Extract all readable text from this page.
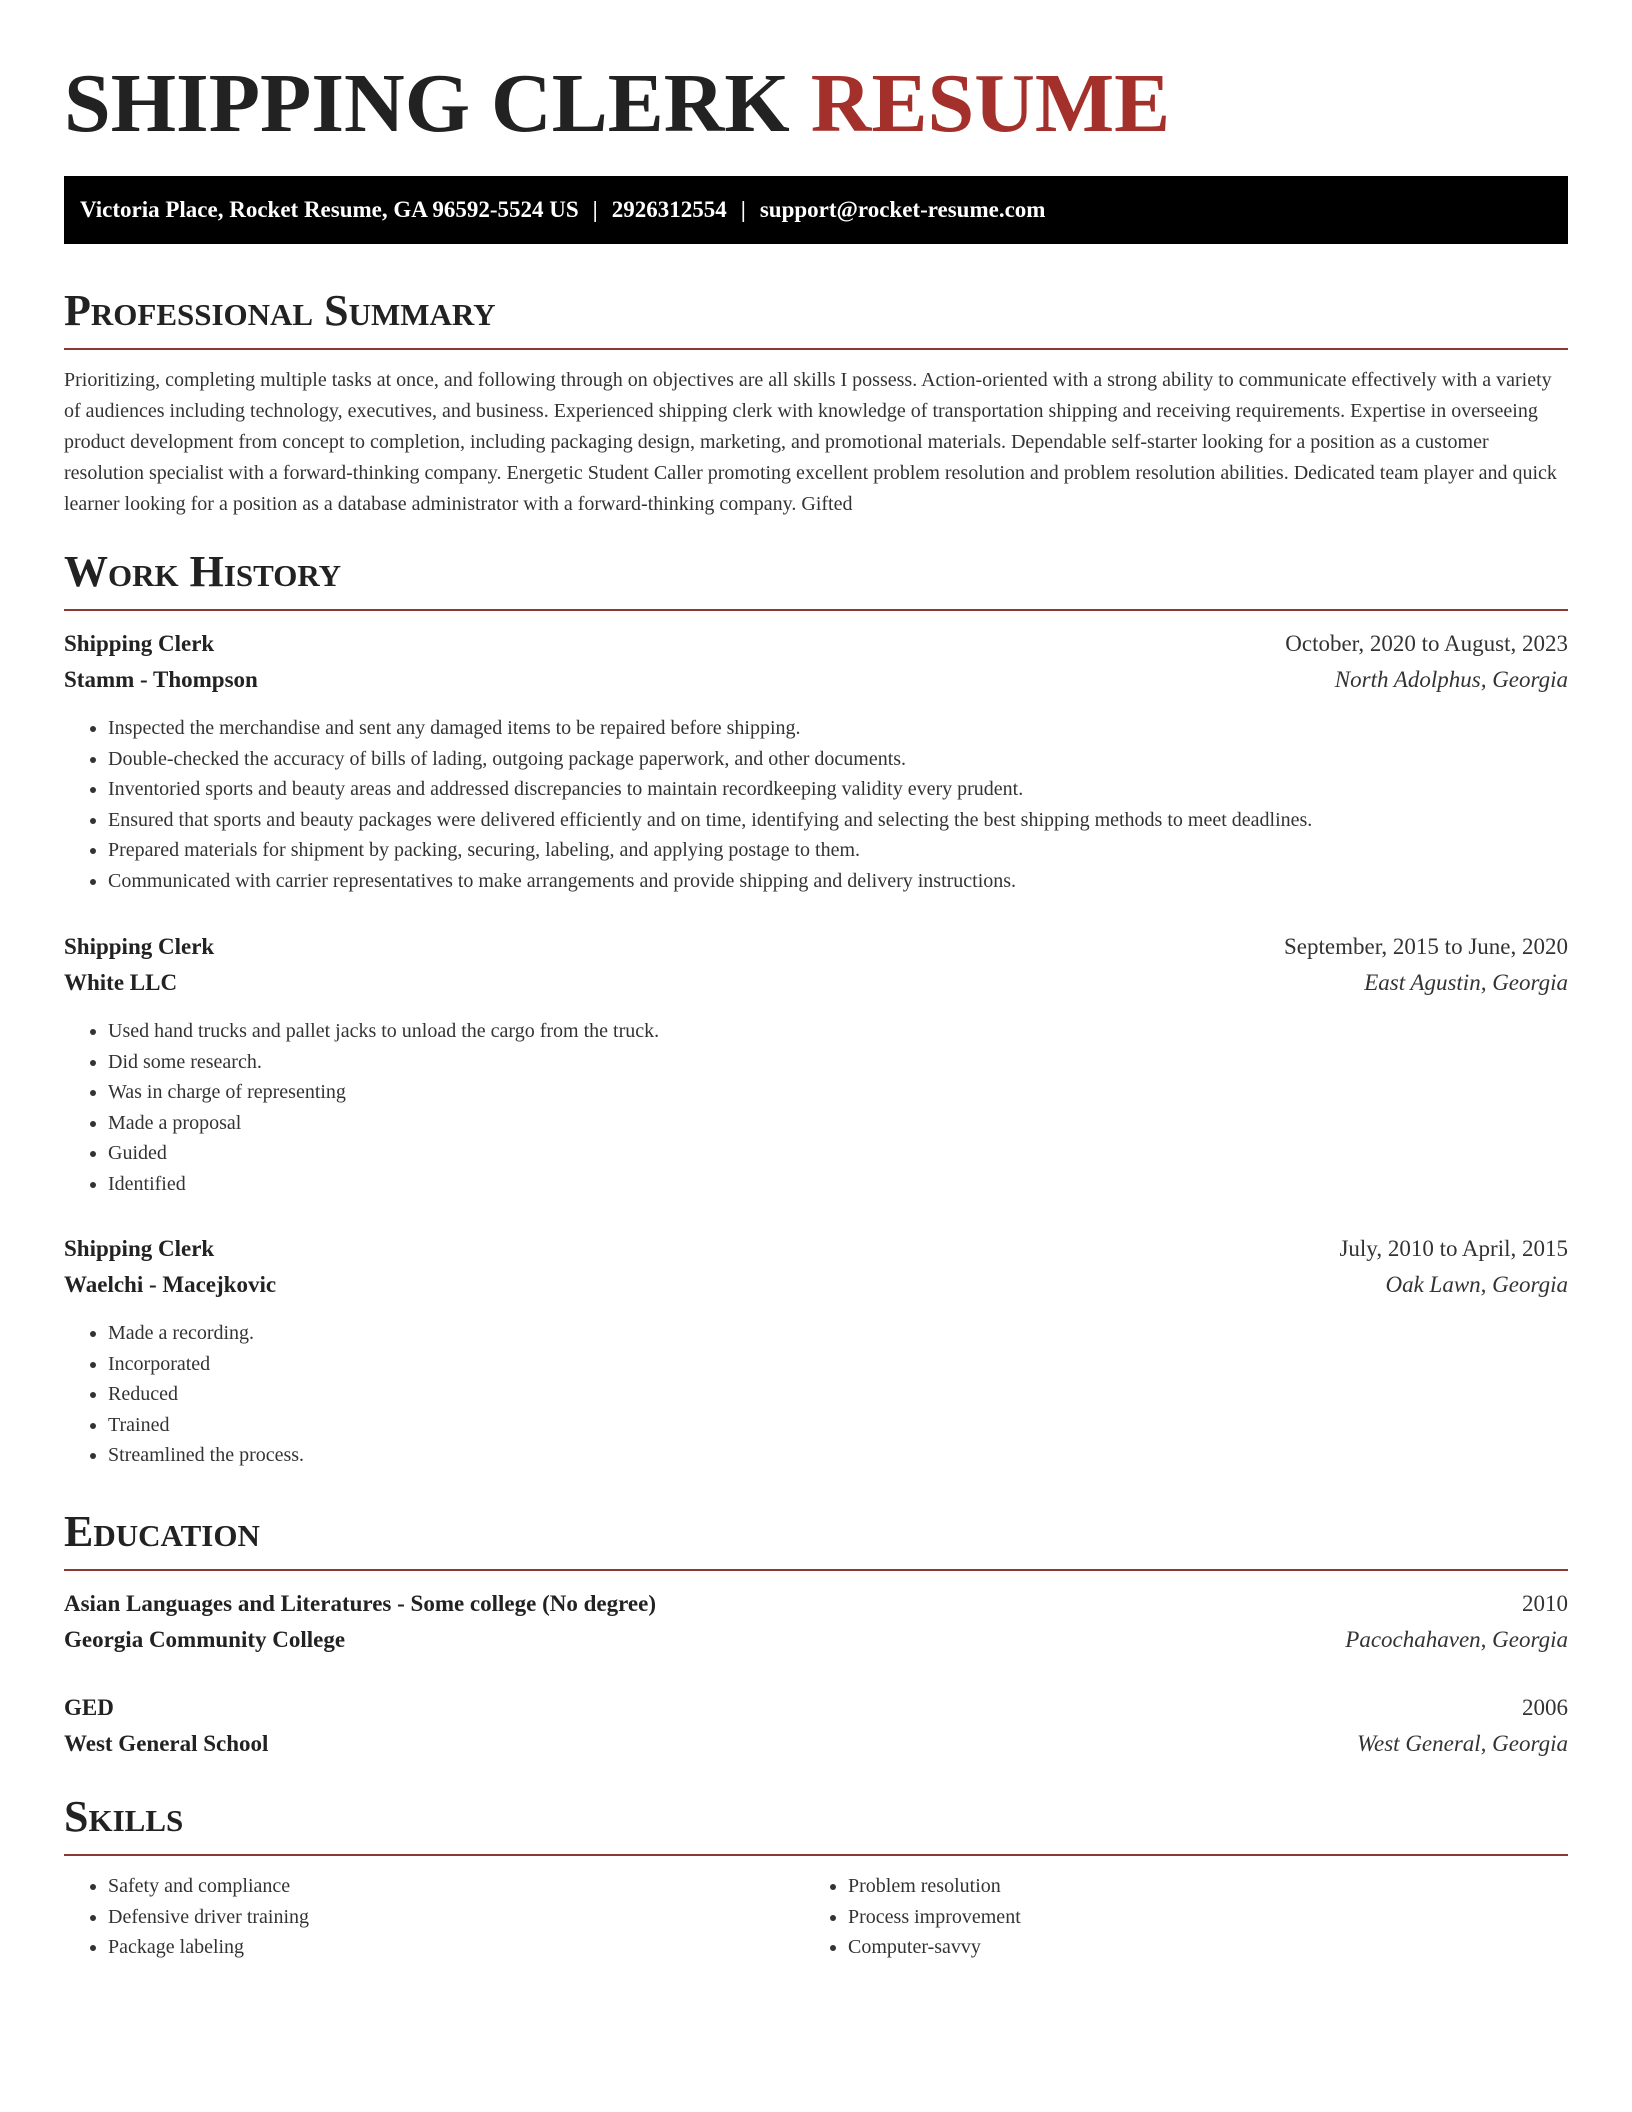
SHIPPING CLERK RESUME
Victoria Place, Rocket Resume, GA 96592-5524 US | 2926312554 | support@rocket-resume.com
Professional Summary

Prioritizing, completing multiple tasks at once, and following through on objectives are all skills I possess. Action-oriented with a strong ability to communicate effectively with a variety of audiences including technology, executives, and business. Experienced shipping clerk with knowledge of transportation shipping and receiving requirements. Expertise in overseeing product development from concept to completion, including packaging design, marketing, and promotional materials. Dependable self-starter looking for a position as a customer resolution specialist with a forward-thinking company. Energetic Student Caller promoting excellent problem resolution and problem resolution abilities. Dedicated team player and quick learner looking for a position as a database administrator with a forward-thinking company. Gifted

Work History
Shipping Clerk	October, 2020 to August, 2023
Stamm - Thompson	North Adolphus, Georgia
• Inspected the merchandise and sent any damaged items to be repaired before shipping.
• Double-checked the accuracy of bills of lading, outgoing package paperwork, and other documents.
• Inventoried sports and beauty areas and addressed discrepancies to maintain recordkeeping validity every prudent.
• Ensured that sports and beauty packages were delivered efficiently and on time, identifying and selecting the best shipping methods to meet deadlines.
• Prepared materials for shipment by packing, securing, labeling, and applying postage to them.
• Communicated with carrier representatives to make arrangements and provide shipping and delivery instructions.
Shipping Clerk	September, 2015 to June, 2020
White LLC	East Agustin, Georgia
• Used hand trucks and pallet jacks to unload the cargo from the truck.
• Did some research.
• Was in charge of representing
• Made a proposal
• Guided
• Identified
Shipping Clerk	July, 2010 to April, 2015
Waelchi - Macejkovic	Oak Lawn, Georgia
• Made a recording.
• Incorporated
• Reduced
• Trained
• Streamlined the process.
Education
Asian Languages and Literatures - Some college (No degree)	2010
Georgia Community College	Pacochahaven, Georgia
GED	2006
West General School	West General, Georgia
Skills
• Safety and compliance
• Defensive driver training
• Package labeling
• Problem resolution
• Process improvement
• Computer-savvy
